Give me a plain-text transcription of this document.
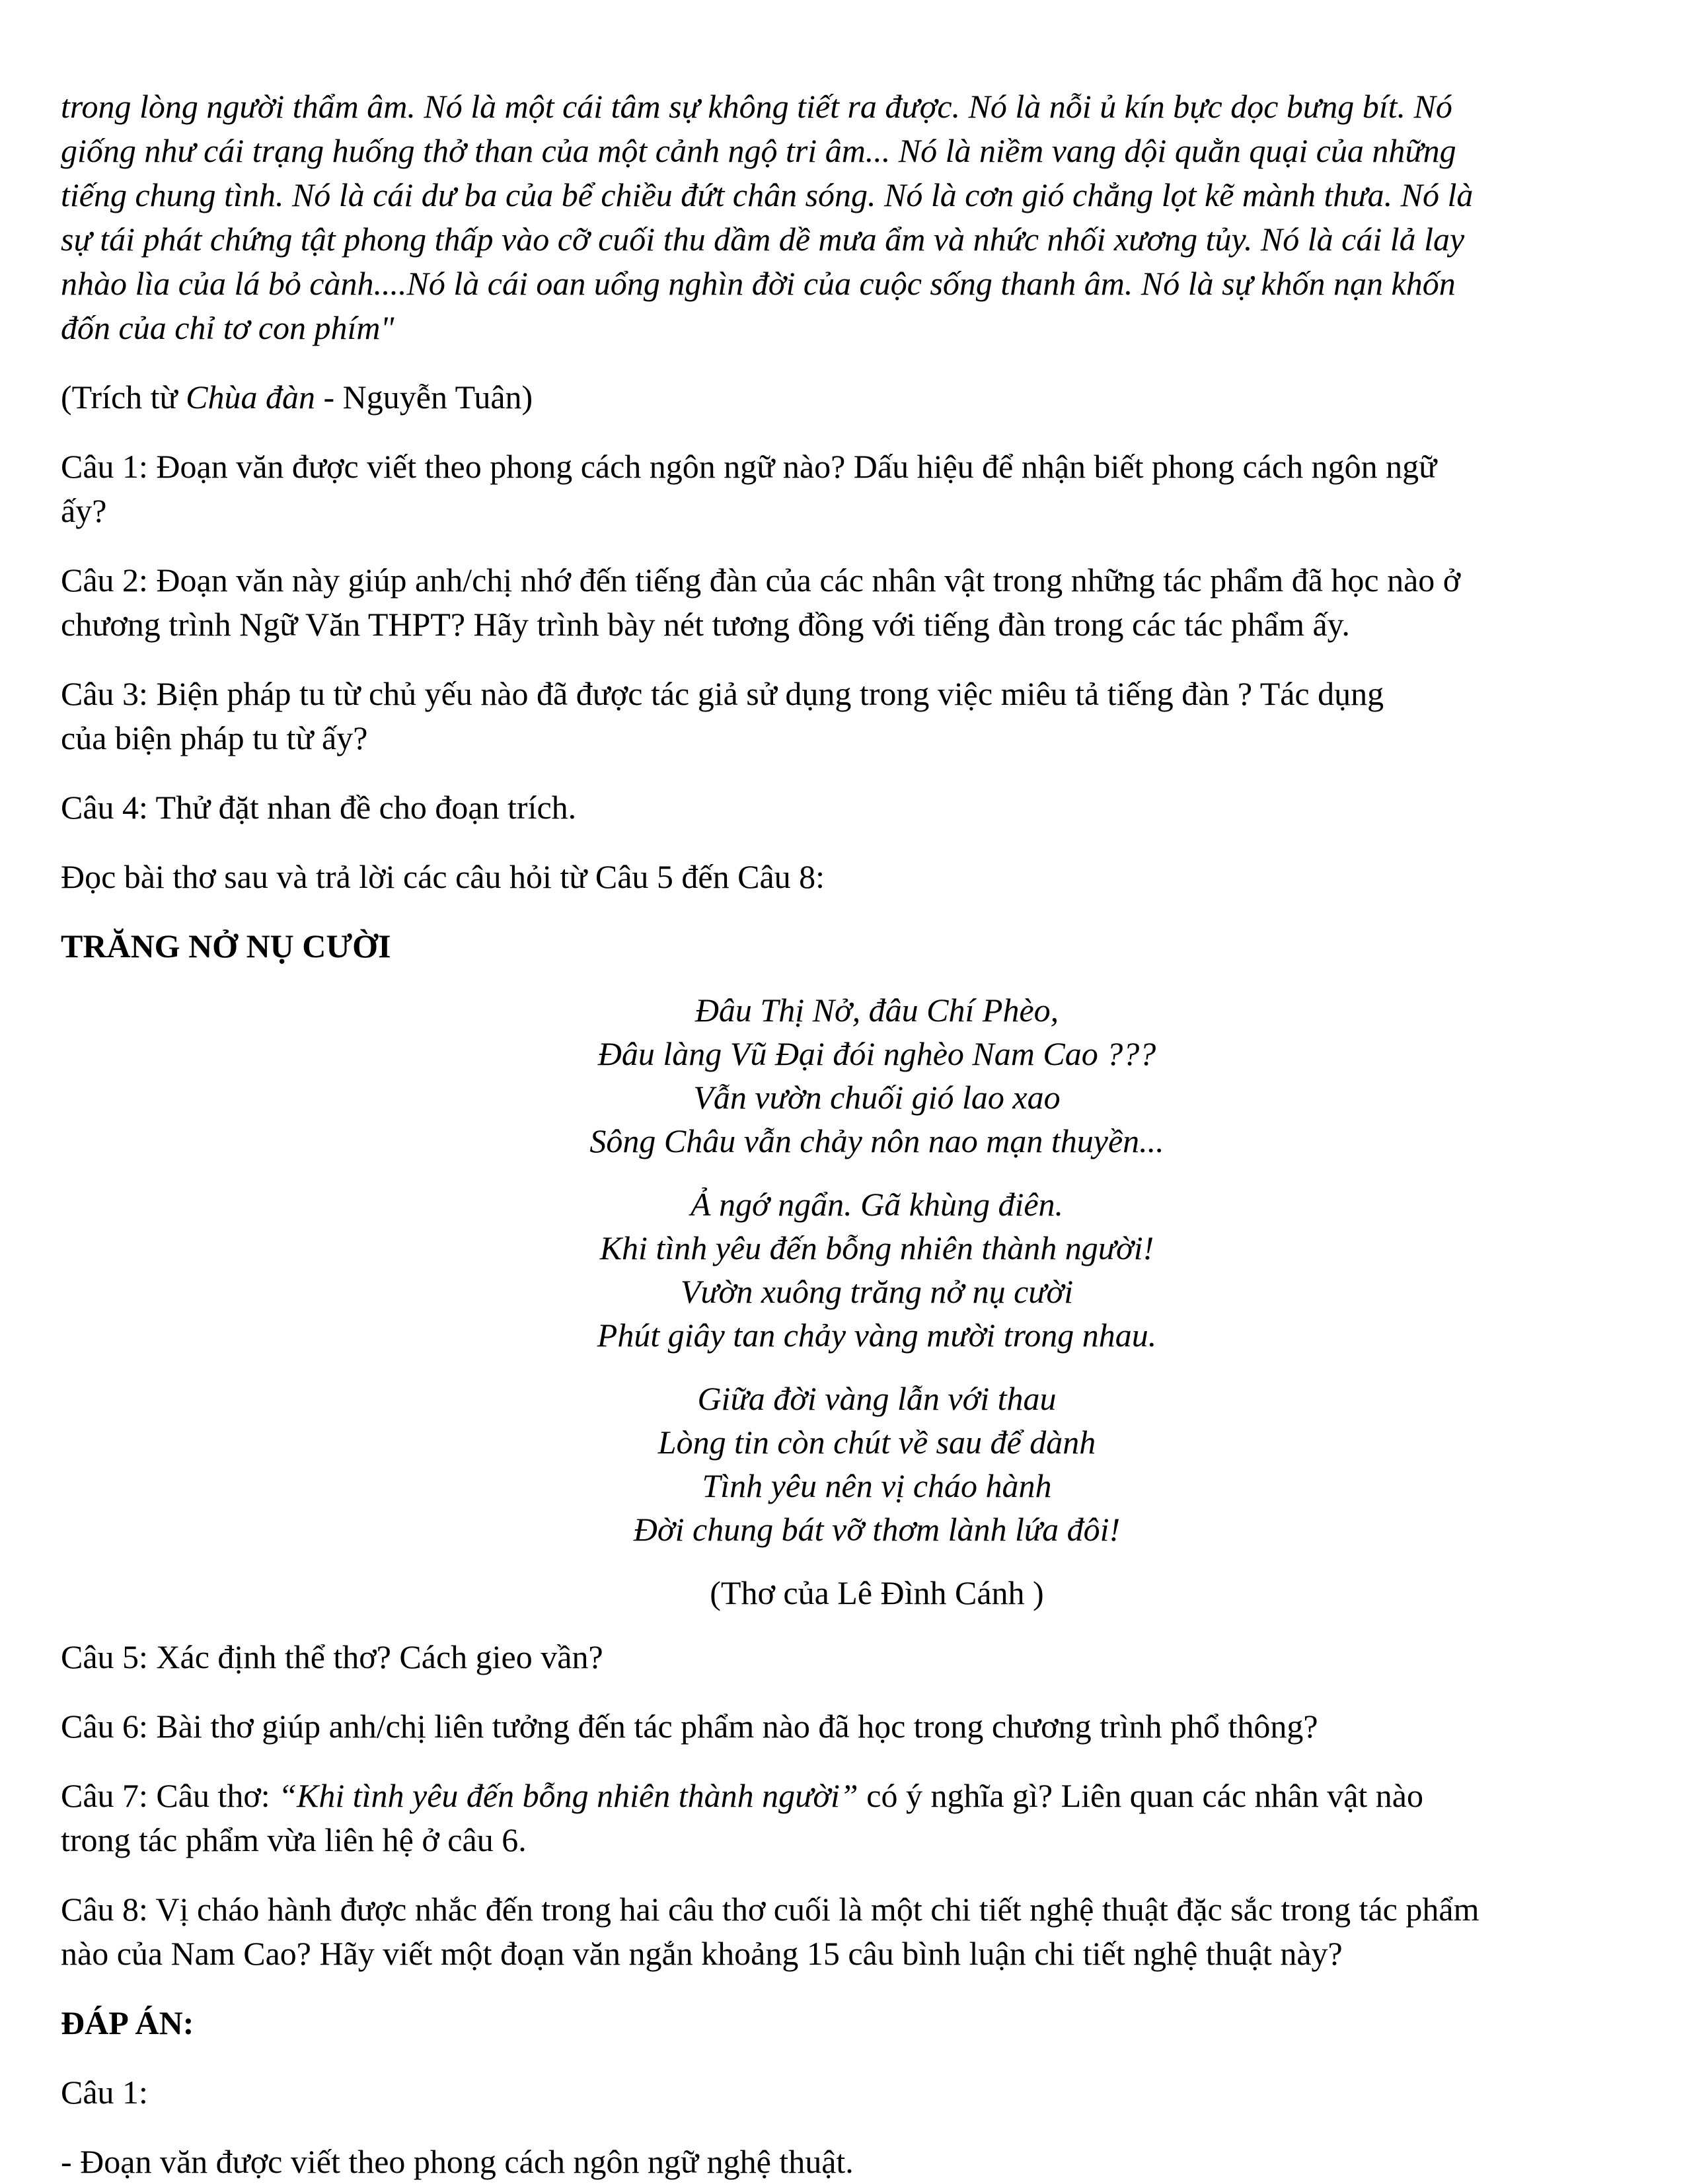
trong lòng người thẩm âm. Nó là một cái tâm sự không tiết ra được. Nó là nỗi ủ kín bực dọc bưng bít. Nó

giống như cái trạng huống thở than của một cảnh ngộ tri âm... Nó là niềm vang dội quằn quại của những

tiếng chung tình. Nó là cái dư ba của bể chiều đứt chân sóng. Nó là cơn gió chẳng lọt kẽ mành thưa. Nó là

sự tái phát chứng tật phong thấp vào cỡ cuối thu dầm dề mưa ẩm và nhức nhối xương tủy. Nó là cái lả lay

nhào lìa của lá bỏ cành....Nó là cái oan uổng nghìn đời của cuộc sống thanh âm. Nó là sự khốn nạn khốn

đốn của chỉ tơ con phím"

(Trích từ Chùa đàn - Nguyễn Tuân)

Câu 1: Đoạn văn được viết theo phong cách ngôn ngữ nào? Dấu hiệu để nhận biết phong cách ngôn ngữ

ấy?

Câu 2: Đoạn văn này giúp anh/chị nhớ đến tiếng đàn của các nhân vật trong những tác phẩm đã học nào ở

chương trình Ngữ Văn THPT? Hãy trình bày nét tương đồng với tiếng đàn trong các tác phẩm ấy.

Câu 3: Biện pháp tu từ chủ yếu nào đã được tác giả sử dụng trong việc miêu tả tiếng đàn ? Tác dụng

của biện pháp tu từ ấy?

Câu 4: Thử đặt nhan đề cho đoạn trích.

Đọc bài thơ sau và trả lời các câu hỏi từ Câu 5 đến Câu 8:

TRĂNG NỞ NỤ CƯỜI

Đâu Thị Nở, đâu Chí Phèo,

Đâu làng Vũ Đại đói nghèo Nam Cao ???

Vẫn vườn chuối gió lao xao

Sông Châu vẫn chảy nôn nao mạn thuyền...

Ả ngớ ngẩn. Gã khùng điên.

Khi tình yêu đến bỗng nhiên thành người!

Vườn xuông trăng nở nụ cười

Phút giây tan chảy vàng mười trong nhau.

Giữa đời vàng lẫn với thau

Lòng tin còn chút về sau để dành

Tình yêu nên vị cháo hành

Đời chung bát vỡ thơm lành lứa đôi!

(Thơ của Lê Đình Cánh )

Câu 5: Xác định thể thơ? Cách gieo vần?

Câu 6: Bài thơ giúp anh/chị liên tưởng đến tác phẩm nào đã học trong chương trình phổ thông?

Câu 7: Câu thơ: “Khi tình yêu đến bỗng nhiên thành người” có ý nghĩa gì? Liên quan các nhân vật nào

trong tác phẩm vừa liên hệ ở câu 6.

Câu 8: Vị cháo hành được nhắc đến trong hai câu thơ cuối là một chi tiết nghệ thuật đặc sắc trong tác phẩm

nào của Nam Cao? Hãy viết một đoạn văn ngắn khoảng 15 câu bình luận chi tiết nghệ thuật này?

ĐÁP ÁN:

Câu 1:

- Đoạn văn được viết theo phong cách ngôn ngữ nghệ thuật.
